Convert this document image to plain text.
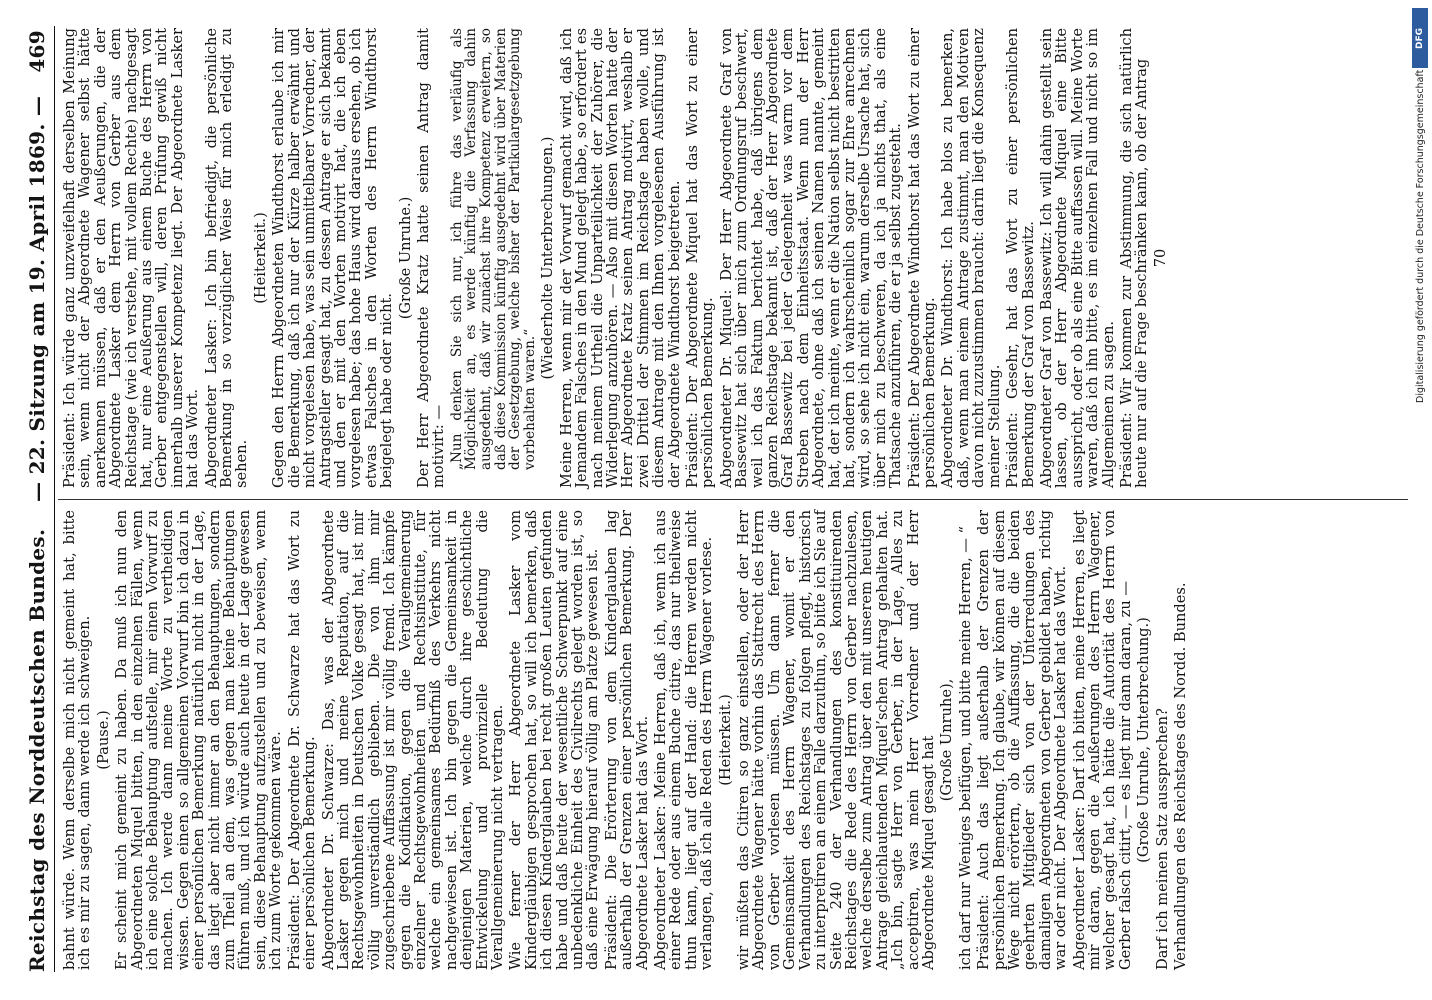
Reichstag des Norddeutschen Bundes.
— 22. Sitzung am 19. April 1869. —
469

bahnt würde. Wenn derselbe mich nicht gemeint hat, bitte ich es mir zu sagen, dann werde ich schweigen. (Pause.) Er scheint mich gemeint zu haben. Da muß ich nun den Abgeordneten Miquel bitten, in den einzelnen Fällen, wenn ich eine solche Behauptung aufstelle, mir einen Vorwurf zu machen. Ich werde dann meine Worte zu vertheidigen wissen. Gegen einen so allgemeinen Vorwurf bin ich dazu in einer persönlichen Bemerkung natürlich nicht in der Lage, das liegt aber nicht immer an den Behauptungen, sondern zum Theil an dem, was gegen man keine Behauptungen führen muß, und ich würde auch heute in der Lage gewesen sein, diese Behauptung aufzustellen und zu beweisen, wenn ich zum Worte gekommen wäre. Präsident: Der Abgeordnete Dr. Schwarze hat das Wort zu einer persönlichen Bemerkung. Abgeordneter Dr. Schwarze: Das, was der Abgeordnete Lasker gegen mich und meine Reputation, auf die Rechtsgewohnheiten in Deutschen Volke gesagt hat, ist mir völlig unverständlich geblieben. Die von ihm mir zugeschriebene Auffassung ist mir völlig fremd. Ich kämpfe gegen die Kodifikation, gegen die Verallgemeinerung einzelner Rechtsgewohnheiten und Rechtsinstitute, für welche ein gemeinsames Bedürfniß des Verkehrs nicht nachgewiesen ist. Ich bin gegen die Gemeinsamkeit in denjenigen Materien, welche durch ihre geschichtliche Entwickelung und provinzielle Bedeutung die Verallgemeinerung nicht vertragen. Wie ferner der Herr Abgeordnete Lasker vom Kindergläubigen gesprochen hat, so will ich bemerken, daß ich diesen Kinderglauben bei recht großen Leuten gefunden habe und daß heute der wesentliche Schwerpunkt auf eine unbedenkliche Einheit des Civilrechts gelegt worden ist, so daß eine Erwägung hierauf völlig am Platze gewesen ist. Präsident: Die Erörterung von dem Kinderglauben lag außerhalb der Grenzen einer persönlichen Bemerkung. Der Abgeordnete Lasker hat das Wort. Abgeordneter Lasker: Meine Herren, daß ich, wenn ich aus einer Rede oder aus einem Buche citire, das nur theilweise thun kann, liegt auf der Hand: die Herren werden nicht verlangen, daß ich alle Reden des Herrn Wagener vorlese. (Heiterkeit.) wir müßten das Citiren so ganz einstellen, oder der Herr Abgeordnete Wagener hätte vorhin das Stattrecht des Herrn von Gerber vorlesen müssen. Um dann ferner die Gemeinsamkeit des Herrn Wagener, womit er den Verhandlungen des Reichstages zu folgen pflegt, historisch zu interpretiren an einem Falle darzuthun, so bitte ich Sie auf Seite 240 der Verhandlungen des konstituirenden Reichstages die Rede des Herrn von Gerber nachzulesen, welche derselbe zum Antrag über den mit unserem heutigen Antrage gleichlautenden Miquel’schen Antrag gehalten hat. „Ich bin, sagte Herr von Gerber, in der Lage, Alles zu acceptiren, was mein Herr Vorredner und der Herr Abgeordnete Miquel gesagt hat (Große Unruhe), ich darf nur Weniges beifügen, und bitte meine Herren, — “ Präsident: Auch das liegt außerhalb der Grenzen der persönlichen Bemerkung. Ich glaube, wir können auf diesem Wege nicht erörtern, ob die Auffassung, die die beiden geehrten Mitglieder sich von der Unterredungen des damaligen Abgeordneten von Gerber gebildet haben, richtig war oder nicht. Der Abgeordnete Lasker hat das Wort. Abgeordneter Lasker: Darf ich bitten, meine Herren, es liegt mir daran, gegen die Aeußerungen des Herrn Wagener, welcher gesagt hat, ich hätte die Autorität des Herrn von Gerber falsch citirt, — es liegt mir dann daran, zu — (Große Unruhe, Unterbrechung.) Darf ich meinen Satz aussprechen? Verhandlungen des Reichstages des Nordd. Bundes.

Präsident: Ich würde ganz unzweifelhaft derselben Meinung sein, wenn nicht der Abgeordnete Wagener selbst hätte anerkennen müssen, daß er den Aeußerungen, die der Abgeordnete Lasker dem Herrn von Gerber aus dem Reichstage (wie ich verstehe, mit vollem Rechte) nachgesagt hat, nur eine Aeußerung aus einem Buche des Herrn von Gerber entgegenstellen will, deren Prüfung gewiß nicht innerhalb unserer Kompetenz liegt. Der Abgeordnete Lasker hat das Wort. Abgeordneter Lasker: Ich bin befriedigt, die persönliche Bemerkung in so vorzüglicher Weise für mich erledigt zu sehen.

(Heiterkeit.) Gegen den Herrn Abgeordneten Windthorst erlaube ich mir die Bemerkung, daß ich nur der Kürze halber erwähnt und nicht vorgelesen habe, was sein unmittelbarer Vorredner, der Antragsteller gesagt hat, zu dessen Antrage er sich bekannt und den er mit den Worten motivirt hat, die ich eben vorgelesen habe; das hohe Haus wird daraus ersehen, ob ich etwas Falsches in den Worten des Herrn Windthorst beigelegt habe oder nicht.

(Große Unruhe.) Der Herr Abgeordnete Kratz hatte seinen Antrag damit motivirt: — „Nun denken Sie sich nur, ich führe das verläufig als Möglichkeit an, es werde künftig die Verfassung dahin ausgedehnt, daß wir zunächst ihre Kompetenz erweitern, so daß diese Kommission künftig ausgedehnt wird über Materien der Gesetzgebung, welche bisher der Partikulargesetzgebung vorbehalten waren.“

(Wiederholte Unterbrechungen.) Meine Herren, wenn mir der Vorwurf gemacht wird, daß ich Jemandem Falsches in den Mund gelegt habe, so erfordert es nach meinem Urtheil die Unparteilichkeit der Zuhörer, die Widerlegung anzuhören. — Also mit diesen Worten hatte der Herr Abgeordnete Kratz seinen Antrag motivirt, weshalb er zwei Drittel der Stimmen im Reichstage haben wolle, und diesem Antrage mit den Ihnen vorgelesenen Ausführung ist der Abgeordnete Windthorst beigetreten. Präsident: Der Abgeordnete Miquel hat das Wort zu einer persönlichen Bemerkung. Abgeordneter Dr. Miquel: Der Herr Abgeordnete Graf von Bassewitz hat sich über mich zum Ordnungsruf beschwert, weil ich das Faktum berichtet habe, daß übrigens dem ganzen Reichstage bekannt ist, daß der Herr Abgeordnete Graf Bassewitz bei jeder Gelegenheit was warm vor dem Streben nach dem Einheitsstaat. Wenn nun der Herr Abgeordnete, ohne daß ich seinen Namen nannte, gemeint hat, der ich meinte, wenn er die Nation selbst nicht bestritten hat, sondern ich wahrscheinlich sogar zur Ehre anrechnen wird, so sehe ich nicht ein, warum derselbe Ursache hat, sich über mich zu beschweren, da ich ja nichts that, als eine Thatsache anzuführen, die er ja selbst zugesteht. Präsident: Der Abgeordnete Windthorst hat das Wort zu einer persönlichen Bemerkung. Abgeordneter Dr. Windthorst: Ich habe blos zu bemerken, daß, wenn man einem Antrage zustimmt, man den Motiven davon nicht zuzustimmen braucht: darin liegt die Konsequenz meiner Stellung. Präsident: Gesehr, hat das Wort zu einer persönlichen Bemerkung der Graf von Bassewitz. Abgeordneter Graf von Bassewitz: Ich will dahin gestellt sein lassen, ob der Herr Abgeordnete Miquel eine Bitte ausspricht, oder ob als eine Bitte auffassen will. Meine Worte waren, daß ich ihn bitte, es im einzelnen Fall und nicht so im Allgemeinen zu sagen. Präsident: Wir kommen zur Abstimmung, die sich natürlich heute nur auf die Frage beschränken kann, ob der Antrag 70

DFG
Digitalisierung gefördert durch die Deutsche Forschungsgemeinschaft
